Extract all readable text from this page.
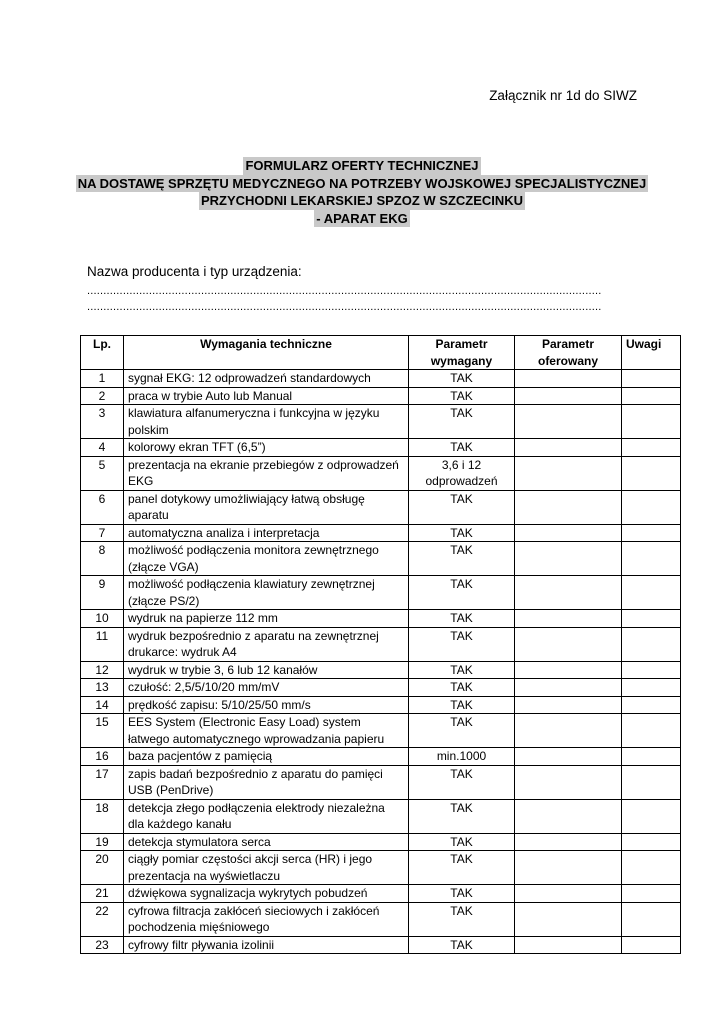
Załącznik nr 1d do SIWZ
FORMULARZ OFERTY TECHNICZNEJ
NA DOSTAWĘ SPRZĘTU MEDYCZNEGO NA POTRZEBY WOJSKOWEJ SPECJALISTYCZNEJ
PRZYCHODNI LEKARSKIEJ SPZOZ W SZCZECINKU
- APARAT EKG
Nazwa producenta i typ urządzenia:
..............................................................................................................................................................
..............................................................................................................................................................
Lp.	Wymagania techniczne	Parametr wymagany	Parametr oferowany	Uwagi
1	sygnał EKG: 12 odprowadzeń standardowych	TAK		
2	praca w trybie Auto lub Manual	TAK		
3	klawiatura alfanumeryczna i funkcyjna w języku polskim	TAK		
4	kolorowy ekran TFT (6,5”)	TAK		
5	prezentacja na ekranie przebiegów z odprowadzeń EKG	3,6 i 12 odprowadzeń		
6	panel dotykowy umożliwiający łatwą obsługę aparatu	TAK		
7	automatyczna analiza i interpretacja	TAK		
8	możliwość podłączenia monitora zewnętrznego (złącze VGA)	TAK		
9	możliwość podłączenia klawiatury zewnętrznej (złącze PS/2)	TAK		
10	wydruk na papierze 112 mm	TAK		
11	wydruk bezpośrednio z aparatu na zewnętrznej drukarce: wydruk A4	TAK		
12	wydruk w trybie 3, 6 lub 12 kanałów	TAK		
13	czułość: 2,5/5/10/20 mm/mV	TAK		
14	prędkość zapisu: 5/10/25/50 mm/s	TAK		
15	EES System (Electronic Easy Load) system łatwego automatycznego wprowadzania papieru	TAK		
16	baza pacjentów z pamięcią	min.1000		
17	zapis badań bezpośrednio z aparatu do pamięci USB (PenDrive)	TAK		
18	detekcja złego podłączenia elektrody niezależna dla każdego kanału	TAK		
19	detekcja stymulatora serca	TAK		
20	ciągły pomiar częstości akcji serca (HR) i jego prezentacja na wyświetlaczu	TAK		
21	dźwiękowa sygnalizacja wykrytych pobudzeń	TAK		
22	cyfrowa filtracja zakłóceń sieciowych i zakłóceń pochodzenia mięśniowego	TAK		
23	cyfrowy filtr pływania izolinii	TAK		
